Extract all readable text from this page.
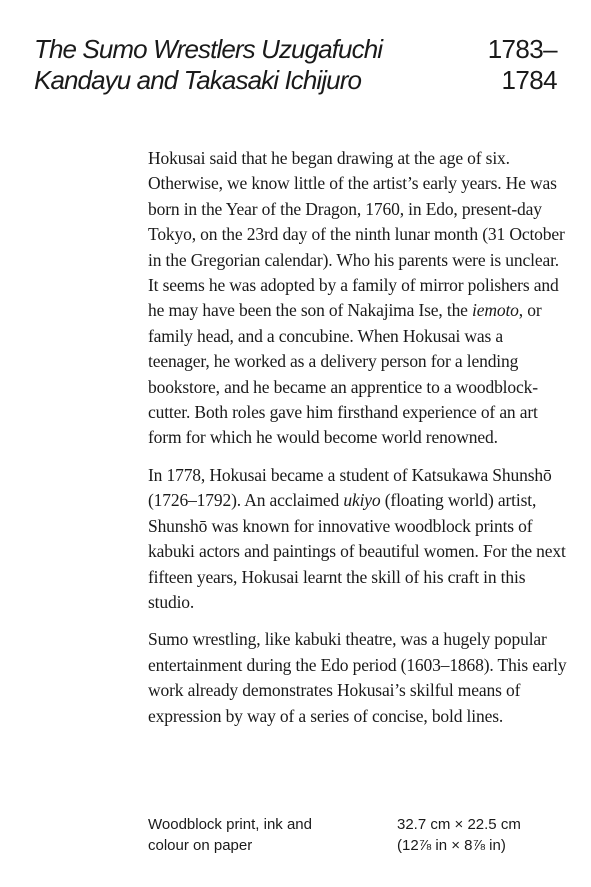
The Sumo Wrestlers Uzugafuchi
Kandayu and Takasaki Ichijuro
1783–
1784

Hokusai said that he began drawing at the age of six. Otherwise, we know little of the artist’s early years. He was born in the Year of the Dragon, 1760, in Edo, present-day Tokyo, on the 23rd day of the ninth lunar month (31 October in the Gregorian calendar). Who his parents were is unclear. It seems he was adopted by a family of mirror polishers and he may have been the son of Nakajima Ise, the iemoto, or family head, and a concubine. When Hokusai was a teenager, he worked as a delivery person for a lending bookstore, and he became an apprentice to a woodblock-cutter. Both roles gave him firsthand experience of an art form for which he would become world renowned.

In 1778, Hokusai became a student of Katsukawa Shunshō (1726–1792). An acclaimed ukiyo (floating world) artist, Shunshō was known for innovative woodblock prints of kabuki actors and paintings of beautiful women. For the next fifteen years, Hokusai learnt the skill of his craft in this studio.

Sumo wrestling, like kabuki theatre, was a hugely popular entertainment during the Edo period (1603–1868). This early work already demonstrates Hokusai’s skilful means of expression by way of a series of concise, bold lines.

Woodblock print, ink and
colour on paper
32.7 cm × 22.5 cm
(12⅞ in × 8⅞ in)
